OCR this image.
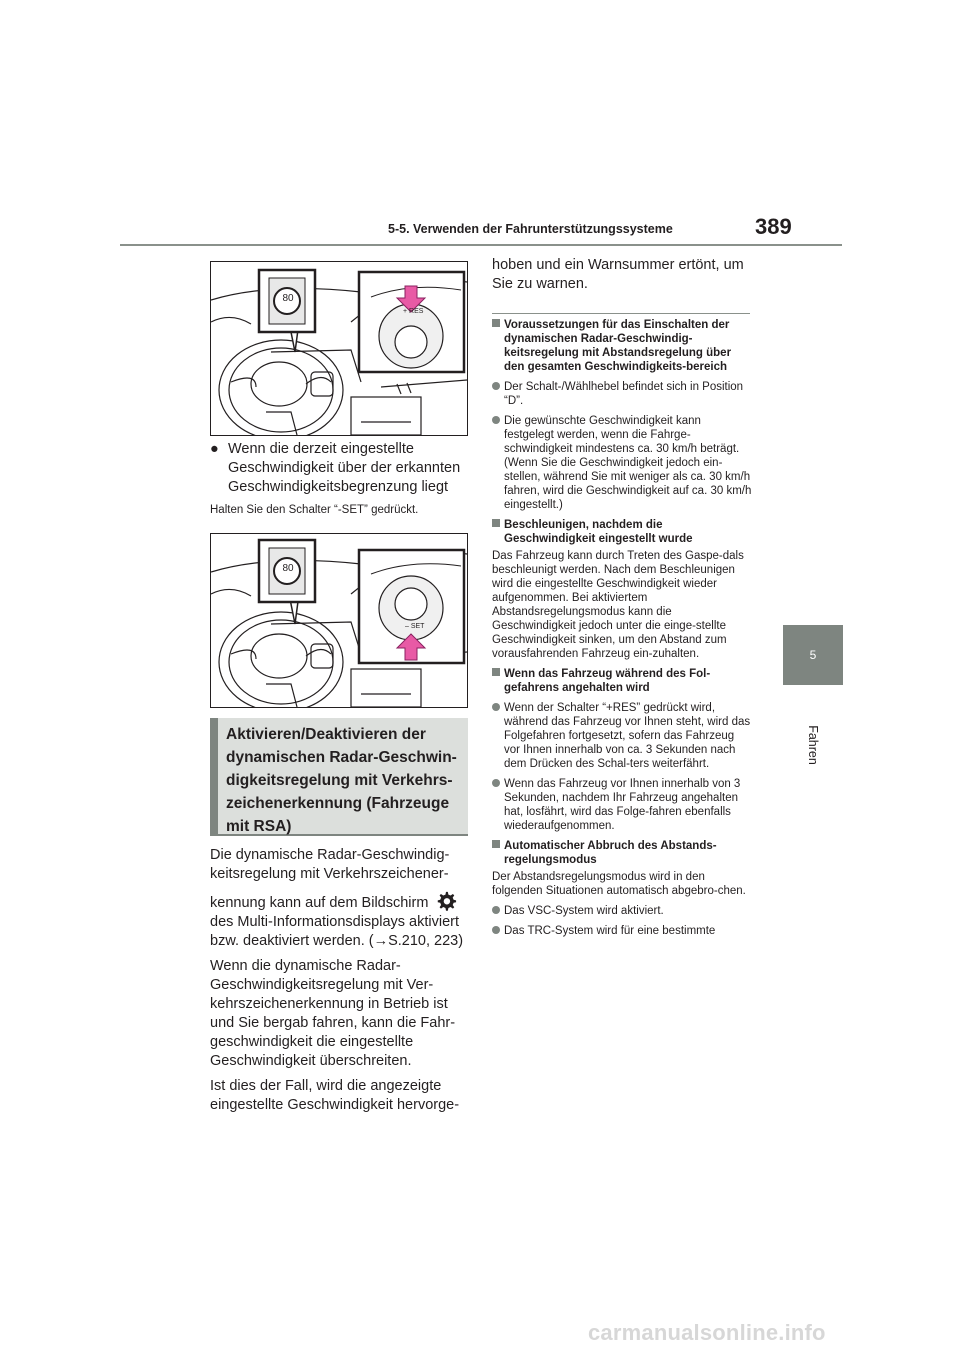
5-5. Verwenden der Fahrunterstützungssysteme	389
5
Fahren
80
+ RES
● Wenn die derzeit eingestellte
Geschwindigkeit über der erkannten
Geschwindigkeitsbegrenzung liegt
Halten Sie den Schalter “-SET” gedrückt.
80
– SET
Aktivieren/Deaktivieren der
dynamischen Radar-Geschwin-
digkeitsregelung mit Verkehrs-
zeichenerkennung (Fahrzeuge
mit RSA)
Die dynamische Radar-Geschwindig-
keitsregelung mit Verkehrszeichener-
kennung kann auf dem Bildschirm
des Multi-Informationsdisplays aktiviert
bzw. deaktiviert werden. (→S.210, 223)
Wenn die dynamische Radar-
Geschwindigkeitsregelung mit Ver-
kehrszeichenerkennung in Betrieb ist
und Sie bergab fahren, kann die Fahr-
geschwindigkeit die eingestellte
Geschwindigkeit überschreiten.
Ist dies der Fall, wird die angezeigte
eingestellte Geschwindigkeit hervorge-
hoben und ein Warnsummer ertönt, um
Sie zu warnen.
Voraussetzungen für das Einschalten der dynamischen Radar-Geschwindig-keitsregelung mit Abstandsregelung über den gesamten Geschwindigkeits-bereich
Der Schalt-/Wählhebel befindet sich in Position “D”.
Die gewünschte Geschwindigkeit kann festgelegt werden, wenn die Fahrge-schwindigkeit mindestens ca. 30 km/h beträgt.
(Wenn Sie die Geschwindigkeit jedoch ein-stellen, während Sie mit weniger als ca. 30 km/h fahren, wird die Geschwindigkeit auf ca. 30 km/h eingestellt.)
Beschleunigen, nachdem die Geschwindigkeit eingestellt wurde
Das Fahrzeug kann durch Treten des Gaspe-dals beschleunigt werden. Nach dem Beschleunigen wird die eingestellte Geschwindigkeit wieder aufgenommen. Bei aktiviertem Abstandsregelungsmodus kann die Geschwindigkeit jedoch unter die einge-stellte Geschwindigkeit sinken, um den Abstand zum vorausfahrenden Fahrzeug ein-zuhalten.
Wenn das Fahrzeug während des Fol-gefahrens angehalten wird
Wenn der Schalter “+RES” gedrückt wird, während das Fahrzeug vor Ihnen steht, wird das Folgefahren fortgesetzt, sofern das Fahrzeug vor Ihnen innerhalb von ca. 3 Sekunden nach dem Drücken des Schal-ters weiterfährt.
Wenn das Fahrzeug vor Ihnen innerhalb von 3 Sekunden, nachdem Ihr Fahrzeug angehalten hat, losfährt, wird das Folge-fahren ebenfalls wiederaufgenommen.
Automatischer Abbruch des Abstands-regelungsmodus
Der Abstandsregelungsmodus wird in den folgenden Situationen automatisch abgebro-chen.
Das VSC-System wird aktiviert.
Das TRC-System wird für eine bestimmte
carmanualsonline.info
